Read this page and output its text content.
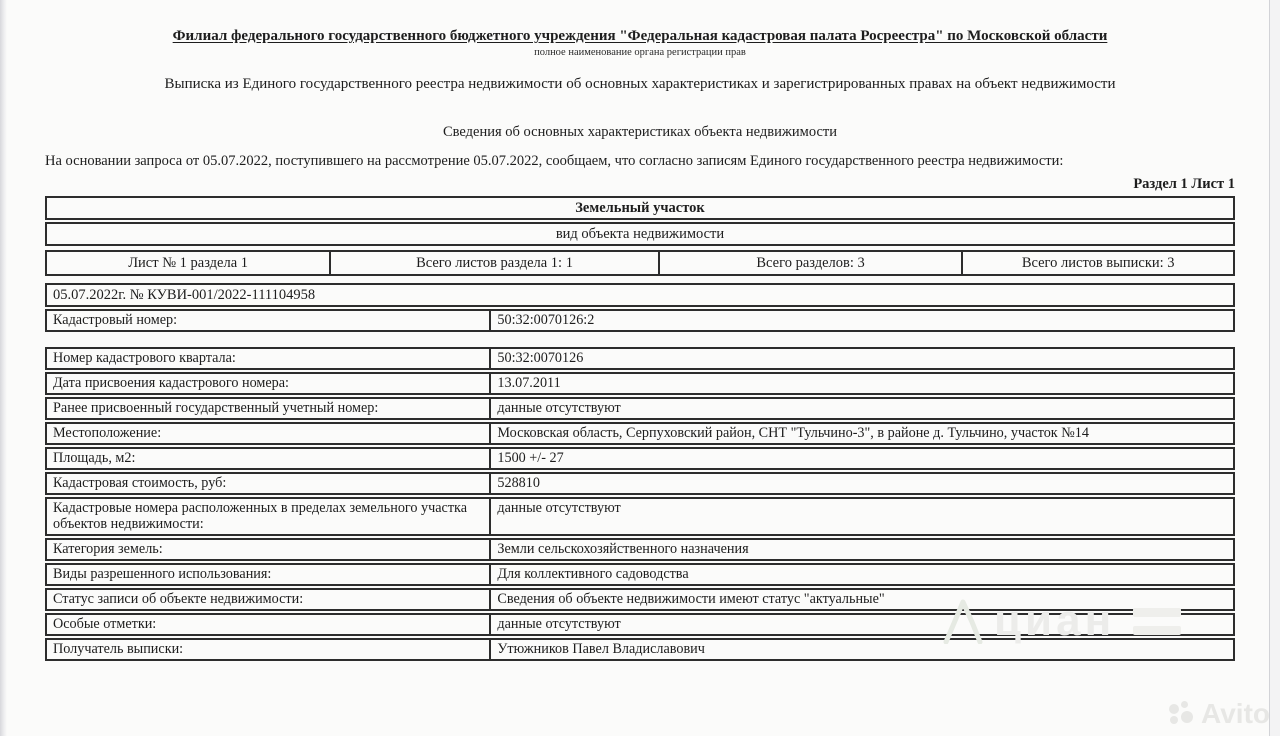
Филиал федерального государственного бюджетного учреждения "Федеральная кадастровая палата Росреестра" по Московской области
полное наименование органа регистрации прав
Выписка из Единого государственного реестра недвижимости об основных характеристиках и зарегистрированных правах на объект недвижимости
Сведения об основных характеристиках объекта недвижимости
На основании запроса от 05.07.2022, поступившего на рассмотрение 05.07.2022, сообщаем, что согласно записям Единого государственного реестра недвижимости:
Раздел 1 Лист 1
Земельный участок
вид объекта недвижимости
Лист № 1 раздела 1	Всего листов раздела 1: 1	Всего разделов: 3	Всего листов выписки: 3
05.07.2022г. № КУВИ-001/2022-111104958
Кадастровый номер:	50:32:0070126:2
Номер кадастрового квартала:	50:32:0070126
Дата присвоения кадастрового номера:	13.07.2011
Ранее присвоенный государственный учетный номер:	данные отсутствуют
Местоположение:	Московская область, Серпуховский район, СНТ "Тульчино-3", в районе д. Тульчино, участок №14
Площадь, м2:	1500 +/- 27
Кадастровая стоимость, руб:	528810
Кадастровые номера расположенных в пределах земельного участка объектов недвижимости:
данные отсутствуют
Категория земель:	Земли сельскохозяйственного назначения
Виды разрешенного использования:	Для коллективного садоводства
Статус записи об объекте недвижимости:	Сведения об объекте недвижимости имеют статус "актуальные"
Особые отметки:	данные отсутствуют
Получатель выписки:	Утюжников Павел Владиславович
циан
Avito
